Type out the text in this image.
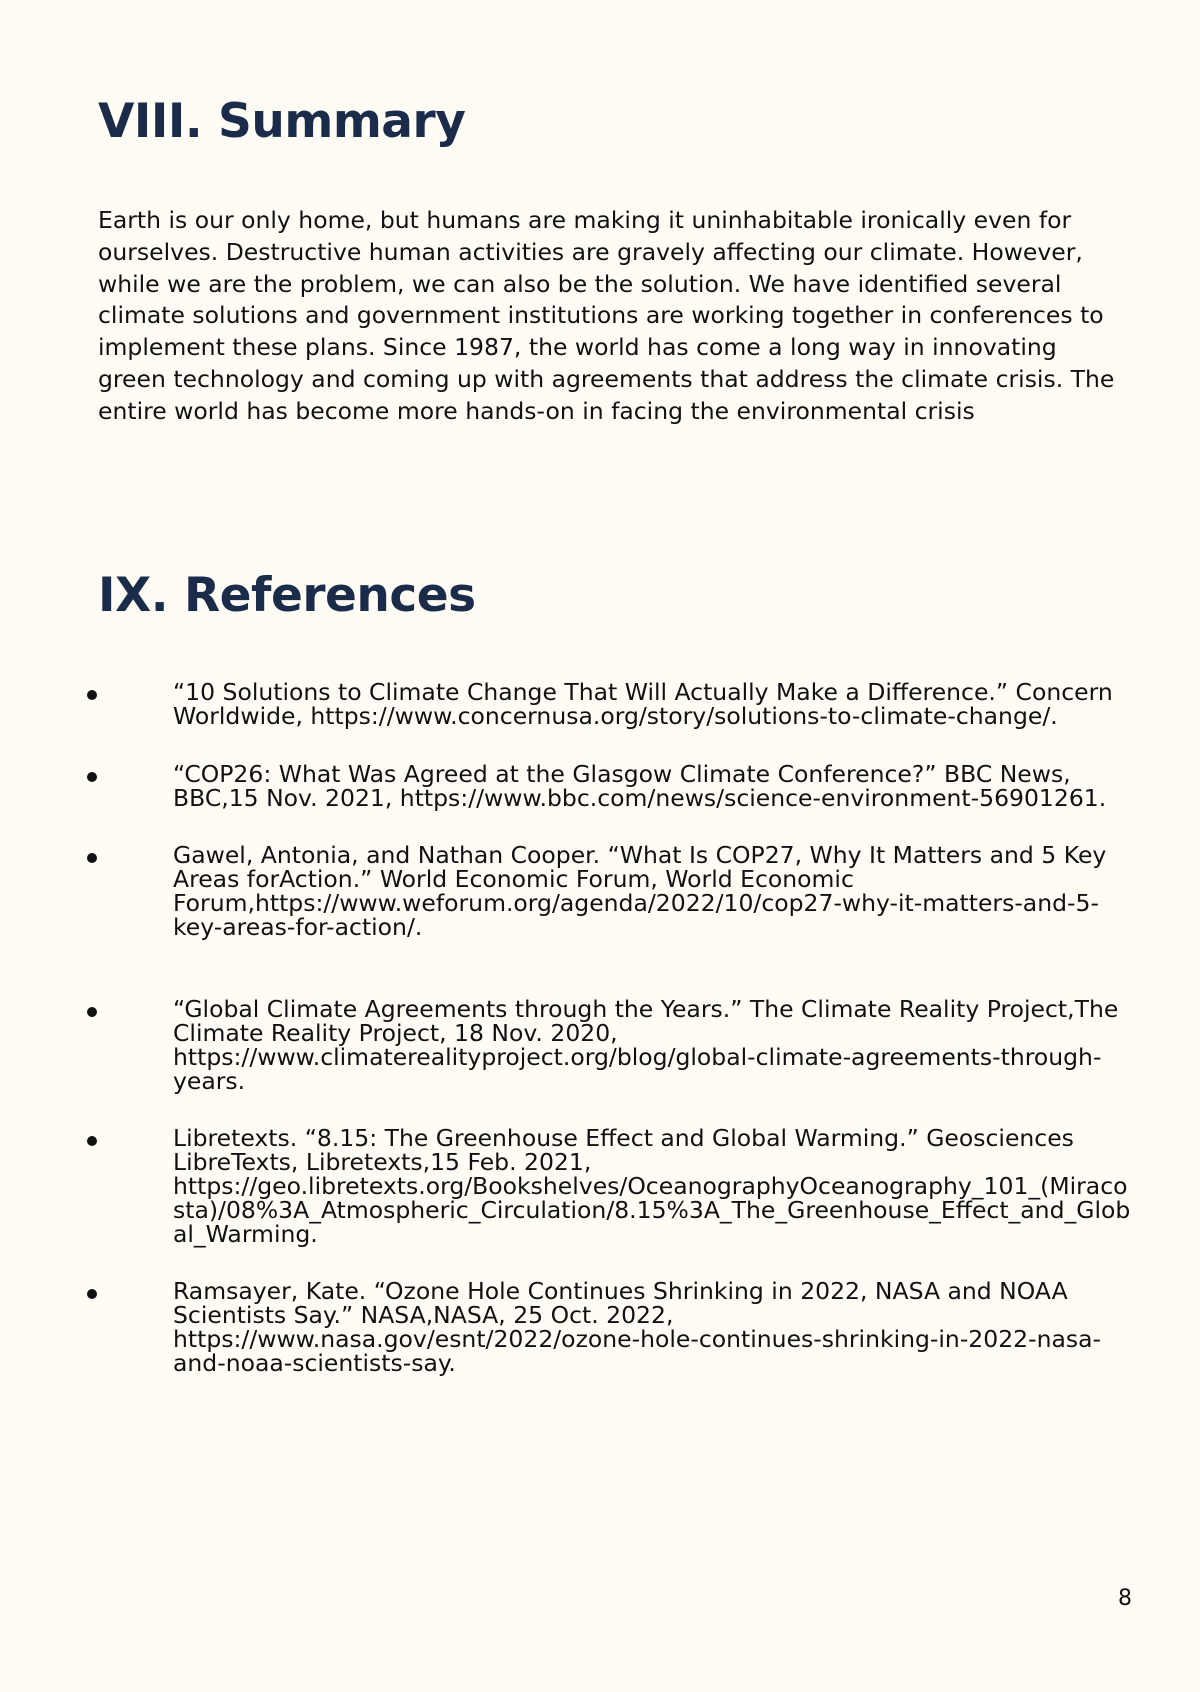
VIII. Summary

Earth is our only home, but humans are making it uninhabitable ironically even for ourselves. Destructive human activities are gravely affecting our climate. However, while we are the problem, we can also be the solution. We have identified several climate solutions and government institutions are working together in conferences to implement these plans. Since 1987, the world has come a long way in innovating green technology and coming up with agreements that address the climate crisis. The entire world has become more hands-on in facing the environmental crisis

IX. References
“10 Solutions to Climate Change That Will Actually Make a Difference.” Concern Worldwide, https://www.concernusa.org/story/solutions-to-climate-change/.
“COP26: What Was Agreed at the Glasgow Climate Conference?” BBC News, BBC,15 Nov. 2021, https://www.bbc.com/news/science-environment-56901261.
Gawel, Antonia, and Nathan Cooper. “What Is COP27, Why It Matters and 5 Key Areas forAction.” World Economic Forum, World Economic Forum,https://www.weforum.org/agenda/2022/10/cop27-why-it-matters-and-5-key-areas-for-action/.
“Global Climate Agreements through the Years.” The Climate Reality Project,The Climate Reality Project, 18 Nov. 2020, https://www.climaterealityproject.org/blog/global-climate-agreements-through-years.
Libretexts. “8.15: The Greenhouse Effect and Global Warming.” Geosciences LibreTexts, Libretexts,15 Feb. 2021, https://geo.libretexts.org/Bookshelves/OceanographyOceanography_101_(Miracosta)/08%3A_Atmospheric_Circulation/8.15%3A_The_Greenhouse_Effect_and_Global_Warming.
Ramsayer, Kate. “Ozone Hole Continues Shrinking in 2022, NASA and NOAA Scientists Say.” NASA,NASA, 25 Oct. 2022, https://www.nasa.gov/esnt/2022/ozone-hole-continues-shrinking-in-2022-nasa-and-noaa-scientists-say.
8
